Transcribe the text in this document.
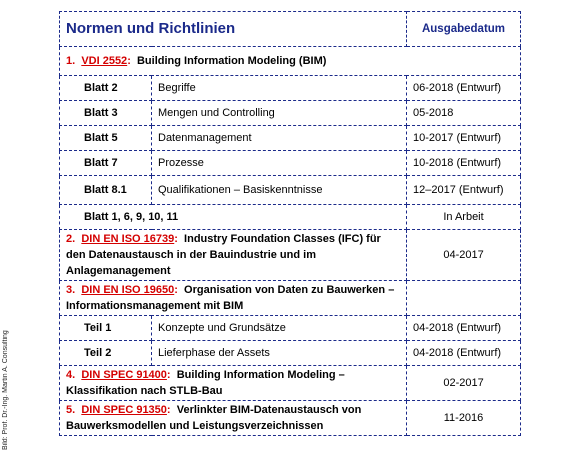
Bild: Prof. Dr.-Ing. Martin A. Consulting
Normen und Richtlinien		Ausgabedatum
1. VDI 2552: Building Information Modeling (BIM)		
Blatt 2	Begriffe	06-2018 (Entwurf)
Blatt 3	Mengen und Controlling	05-2018
Blatt 5	Datenmanagement	10-2017 (Entwurf)
Blatt 7	Prozesse	10-2018 (Entwurf)
Blatt 8.1	Qualifikationen – Basiskenntnisse	12–2017 (Entwurf)
Blatt 1, 6, 9, 10, 11		In Arbeit
2. DIN EN ISO 16739: Industry Foundation Classes (IFC) für den Datenaustausch in der Bauindustrie und im Anlagemanagement		04-2017
3. DIN EN ISO 19650: Organisation von Daten zu Bauwerken – Informationsmanagement mit BIM		
Teil 1	Konzepte und Grundsätze	04-2018 (Entwurf)
Teil 2	Lieferphase der Assets	04-2018 (Entwurf)
4. DIN SPEC 91400: Building Information Modeling – Klassifikation nach STLB-Bau		02-2017
5. DIN SPEC 91350: Verlinkter BIM-Datenaustausch von Bauwerksmodellen und Leistungsverzeichnissen		11-2016
